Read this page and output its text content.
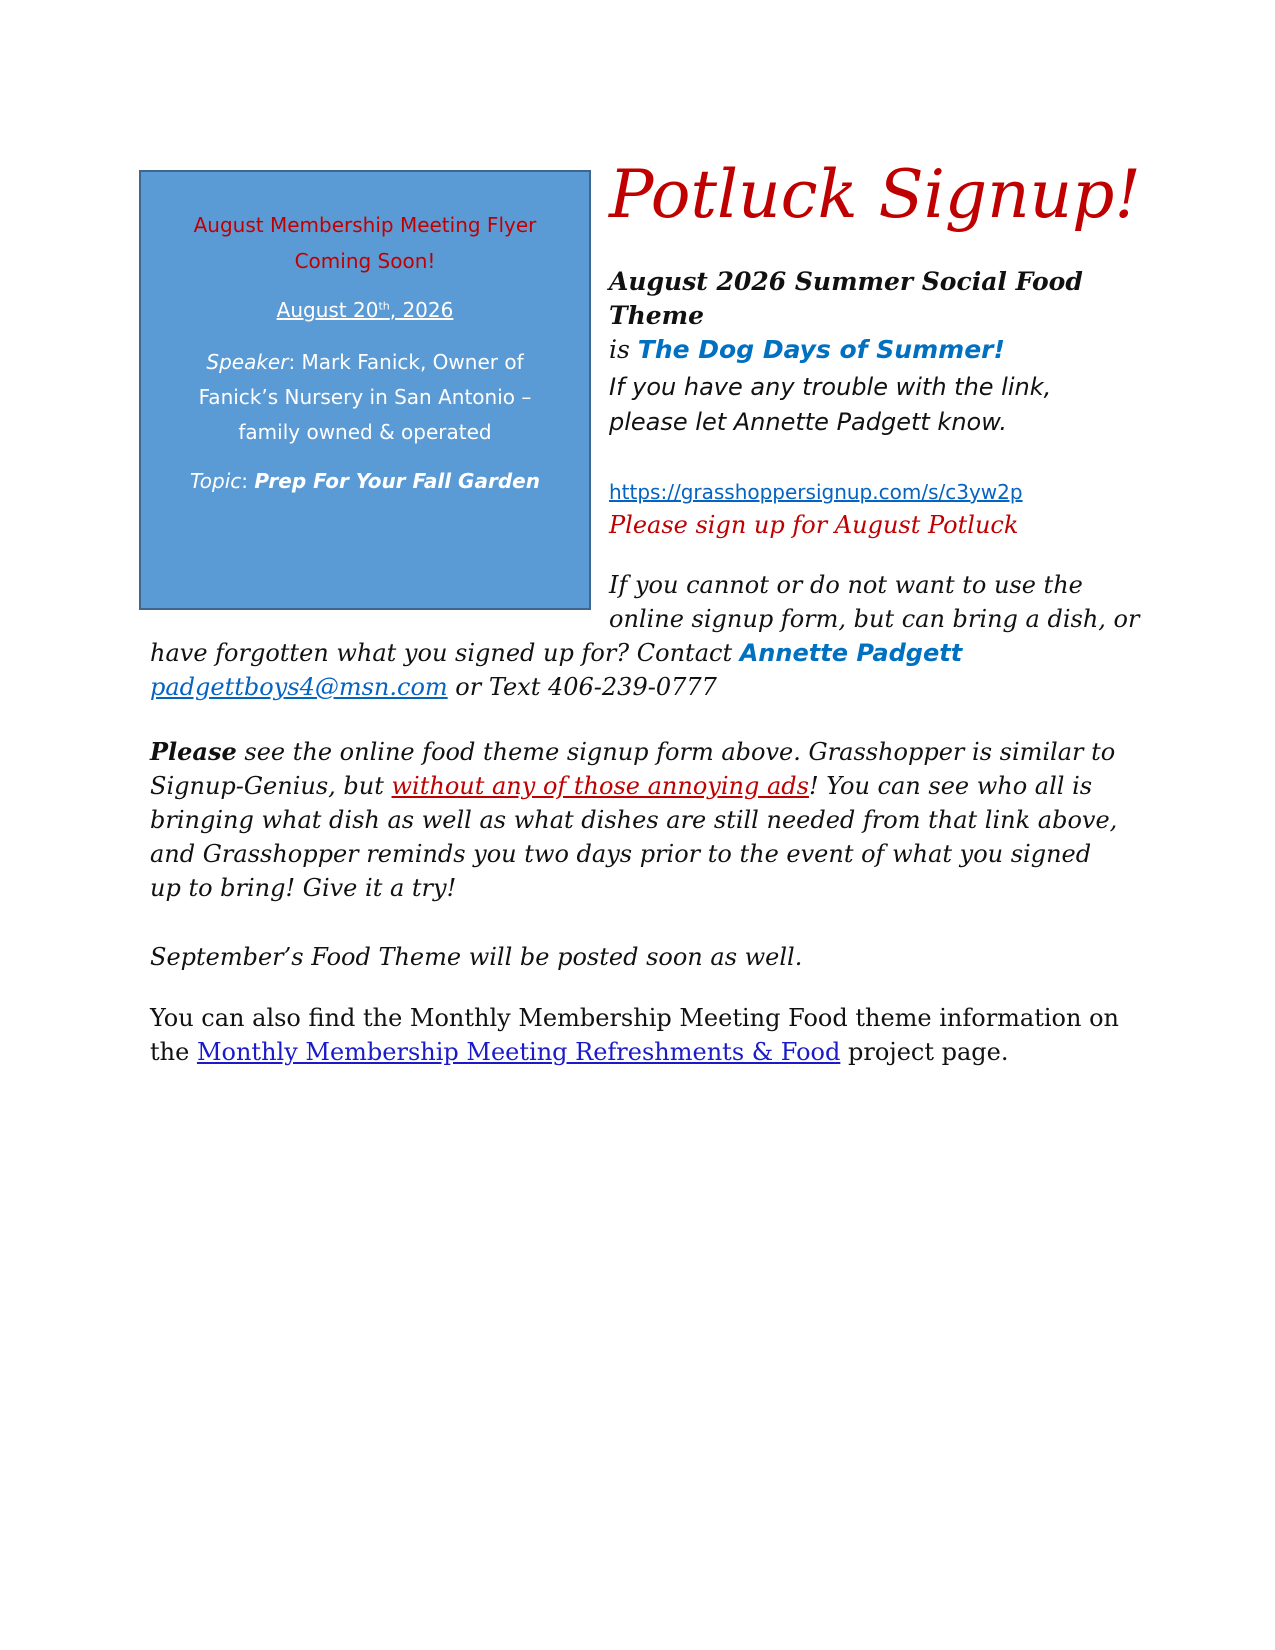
August Membership Meeting Flyer
Coming Soon!
August 20th, 2026
Speaker: Mark Fanick, Owner of Fanick’s Nursery in San Antonio – family owned & operated
Topic: Prep For Your Fall Garden
Potluck Signup!
August 2026 Summer Social Food Theme
is The Dog Days of Summer!
If you have any trouble with the link, please let Annette Padgett know.
https://grasshoppersignup.com/s/c3yw2p
Please sign up for August Potluck
If you cannot or do not want to use the
online signup form, but can bring a dish, or
have forgotten what you signed up for? Contact Annette Padgett
padgettboys4@msn.com or Text 406-239-0777
Please see the online food theme signup form above. Grasshopper is similar to Signup-Genius, but without any of those annoying ads! You can see who all is bringing what dish as well as what dishes are still needed from that link above, and Grasshopper reminds you two days prior to the event of what you signed up to bring! Give it a try!
September’s Food Theme will be posted soon as well.
You can also find the Monthly Membership Meeting Food theme information on the Monthly Membership Meeting Refreshments & Food project page.
